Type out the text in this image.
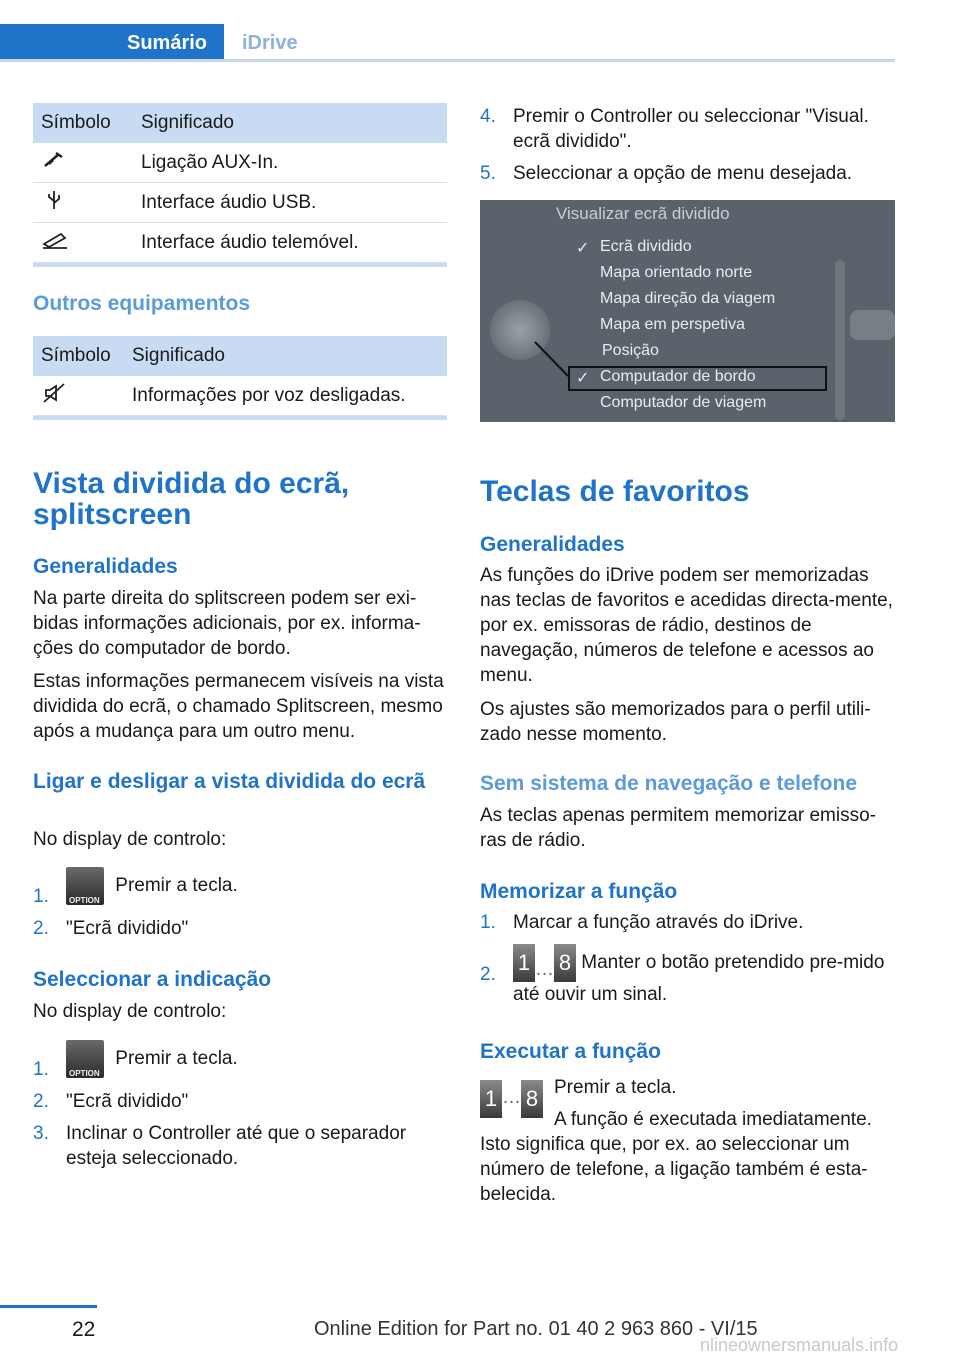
Sumário	iDrive
Símbolo	Significado
	Ligação AUX-In.
	Interface áudio USB.
	Interface áudio telemóvel.
Outros equipamentos
Símbolo	Significado
	Informações por voz desligadas.
Vista dividida do ecrã, splitscreen
Generalidades
Na parte direita do splitscreen podem ser exi-bidas informações adicionais, por ex. informa-ções do computador de bordo.
Estas informações permanecem visíveis na vista dividida do ecrã, o chamado Splitscreen, mesmo após a mudança para um outro menu.
Ligar e desligar a vista dividida do ecrã
No display de controlo:
1.	OPTION
Premir a tecla.
2. "Ecrã dividido"
Seleccionar a indicação
No display de controlo:
1.	OPTION
Premir a tecla.
2. "Ecrã dividido"
3. Inclinar o Controller até que o separador esteja seleccionado.
4. Premir o Controller ou seleccionar "Visual. ecrã dividido".
5. Seleccionar a opção de menu desejada.
Visualizar ecrã dividido
✓ Ecrã dividido
Mapa orientado norte
Mapa direção da viagem
Mapa em perspetiva
Posição
✓ Computador de bordo
Computador de viagem
Teclas de favoritos
Generalidades
As funções do iDrive podem ser memorizadas nas teclas de favoritos e acedidas directa-mente, por ex. emissoras de rádio, destinos de navegação, números de telefone e acessos ao menu.
Os ajustes são memorizados para o perfil utili-zado nesse momento.
Sem sistema de navegação e telefone
As teclas apenas permitem memorizar emisso-ras de rádio.
Memorizar a função
1. Marcar a função através do iDrive.
2. 1 … 8 Manter o botão pretendido pre-mido até ouvir um sinal.
Executar a função
1 … 8 Premir a tecla.
A função é executada imediatamente.
Isto significa que, por ex. ao seleccionar um número de telefone, a ligação também é esta-belecida.
22	Online Edition for Part no. 01 40 2 963 860 - VI/15
nlineownersmanuals.info
